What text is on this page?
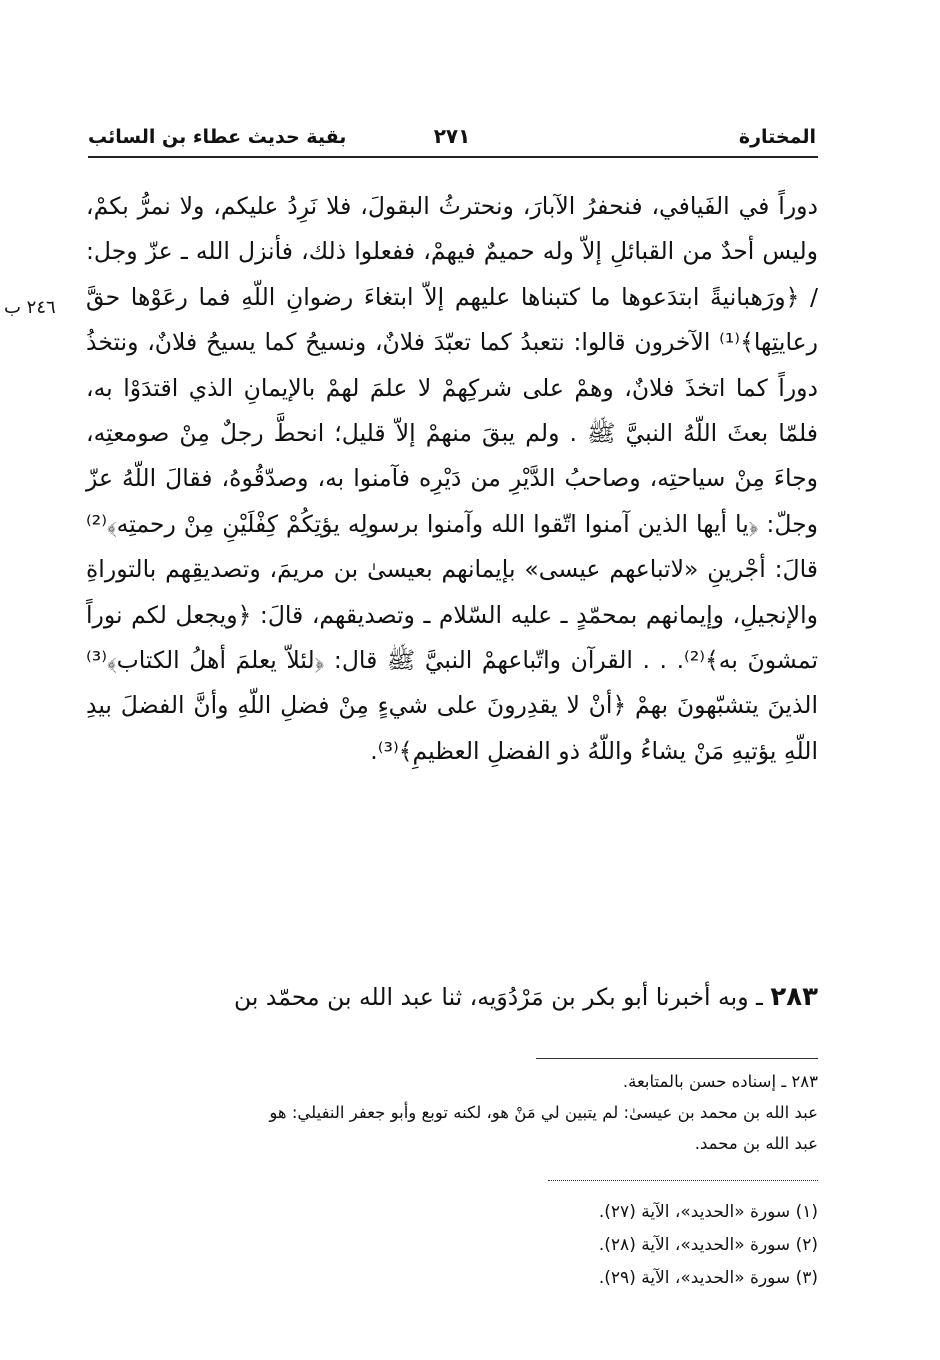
المختارة
٢٧١
بقية حديث عطاء بن السائب
٢٤٦ ب

دوراً في الفَيافي، فنحفرُ الآبارَ، ونحترثُ البقولَ، فلا نَرِدُ عليكم، ولا نمرُّ بكمْ، وليس أحدٌ من القبائلِ إلاّ وله حميمٌ فيهمْ، ففعلوا ذلك، فأنزل الله ـ عزّ وجل: / ﴿ورَهبانيةً ابتدَعوها ما كتبناها عليهم إلاّ ابتغاءَ رضوانِ اللّهِ فما رعَوْها حقَّ رعايتِها﴾⁽¹⁾ الآخرون قالوا: نتعبدُ كما تعبّدَ فلانٌ، ونسيحُ كما يسيحُ فلانٌ، ونتخذُ دوراً كما اتخذَ فلانٌ، وهمْ على شركِهمْ لا علمَ لهمْ بالإيمانِ الذي اقتدَوْا به، فلمّا بعثَ اللّهُ النبيَّ ﷺ . ولم يبقَ منهمْ إلاّ قليل؛ انحطَّ رجلٌ مِنْ صومعتِه، وجاءَ مِنْ سياحتِه، وصاحبُ الدَّيْرِ من دَيْرِه فآمنوا به، وصدّقُوهُ، فقالَ اللّهُ عزّ وجلّ: ﴿يا أيها الذين آمنوا اتّقوا الله وآمنوا برسولِه يؤتِكُمْ كِفْلَيْنِ مِنْ رحمتِه﴾⁽²⁾ قالَ: أجْرينِ «لاتباعهم عيسى» بإيمانهم بعيسىٰ بن مريمَ، وتصديقِهم بالتوراةِ والإنجيلِ، وإيمانهم بمحمّدٍ ـ عليه السّلام ـ وتصديقهم، قالَ: ﴿ويجعل لكم نوراً تمشونَ به﴾⁽²⁾. . . القرآن واتّباعهمْ النبيَّ ﷺ قال: ﴿لئلاّ يعلمَ أهلُ الكتاب﴾⁽³⁾ الذينَ يتشبّهونَ بهمْ ﴿أنْ لا يقدِرونَ على شيءٍ مِنْ فضلِ اللّهِ وأنَّ الفضلَ بيدِ اللّهِ يؤتيهِ مَنْ يشاءُ واللّهُ ذو الفضلِ العظيمِ﴾⁽³⁾.

٢٨٣ ـ وبه أخبرنا أبو بكر بن مَرْدُوَيه، ثنا عبد الله بن محمّد بن

٢٨٣ ـ إسناده حسن بالمتابعة.

عبد الله بن محمد بن عيسىٰ: لم يتبين لي مَنْ هو، لكنه توبع وأبو جعفر النفيلي: هو

عبد الله بن محمد.

(١) سورة «الحديد»، الآية (٢٧).

(٢) سورة «الحديد»، الآية (٢٨).

(٣) سورة «الحديد»، الآية (٢٩).
